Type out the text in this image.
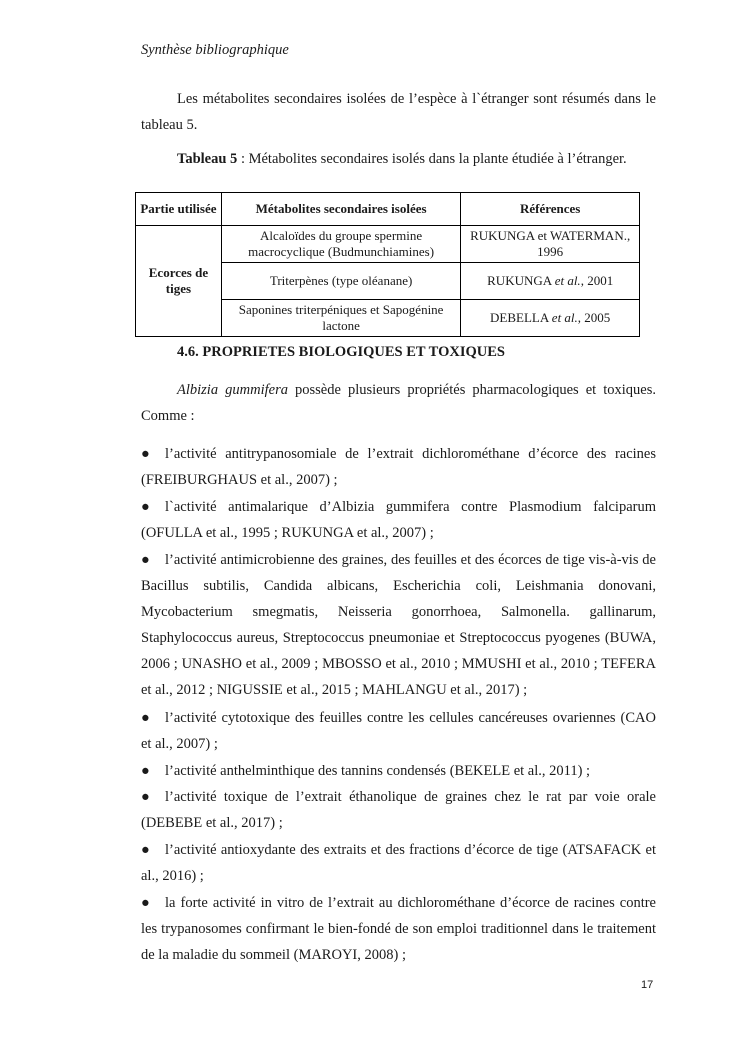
Synthèse bibliographique
Les métabolites secondaires isolées de l’espèce à l`étranger sont résumés dans le tableau 5.
Tableau 5 : Métabolites secondaires isolés dans la plante étudiée à l’étranger.
Partie utilisée	Métabolites secondaires isolées	Références
Ecorces de tiges	Alcaloïdes du groupe spermine macrocyclique (Budmunchiamines)	RUKUNGA et WATERMAN., 1996
	Triterpènes (type oléanane)	RUKUNGA et al., 2001
	Saponines triterpéniques et Sapogénine lactone	DEBELLA et al., 2005
4.6. PROPRIETES BIOLOGIQUES ET TOXIQUES
Albizia gummifera possède plusieurs propriétés pharmacologiques et toxiques. Comme :
● l’activité antitrypanosomiale de l’extrait dichlorométhane d’écorce des racines (FREIBURGHAUS et al., 2007) ;
● l`activité antimalarique d’Albizia gummifera contre Plasmodium falciparum (OFULLA et al., 1995 ; RUKUNGA et al., 2007) ;
● l’activité antimicrobienne des graines, des feuilles et des écorces de tige vis-à-vis de Bacillus subtilis, Candida albicans, Escherichia coli, Leishmania donovani, Mycobacterium smegmatis, Neisseria gonorrhoea, Salmonella. gallinarum, Staphylococcus aureus, Streptococcus pneumoniae et Streptococcus pyogenes (BUWA, 2006 ; UNASHO et al., 2009 ; MBOSSO et al., 2010 ; MMUSHI et al., 2010 ; TEFERA et al., 2012 ; NIGUSSIE et al., 2015 ; MAHLANGU et al., 2017) ;
● l’activité cytotoxique des feuilles contre les cellules cancéreuses ovariennes (CAO et al., 2007) ;
● l’activité anthelminthique des tannins condensés (BEKELE et al., 2011) ;
● l’activité toxique de l’extrait éthanolique de graines chez le rat par voie orale (DEBEBE et al., 2017) ;
● l’activité antioxydante des extraits et des fractions d’écorce de tige (ATSAFACK et al., 2016) ;
● la forte activité in vitro de l’extrait au dichlorométhane d’écorce de racines contre les trypanosomes confirmant le bien-fondé de son emploi traditionnel dans le traitement de la maladie du sommeil (MAROYI, 2008) ;
17
